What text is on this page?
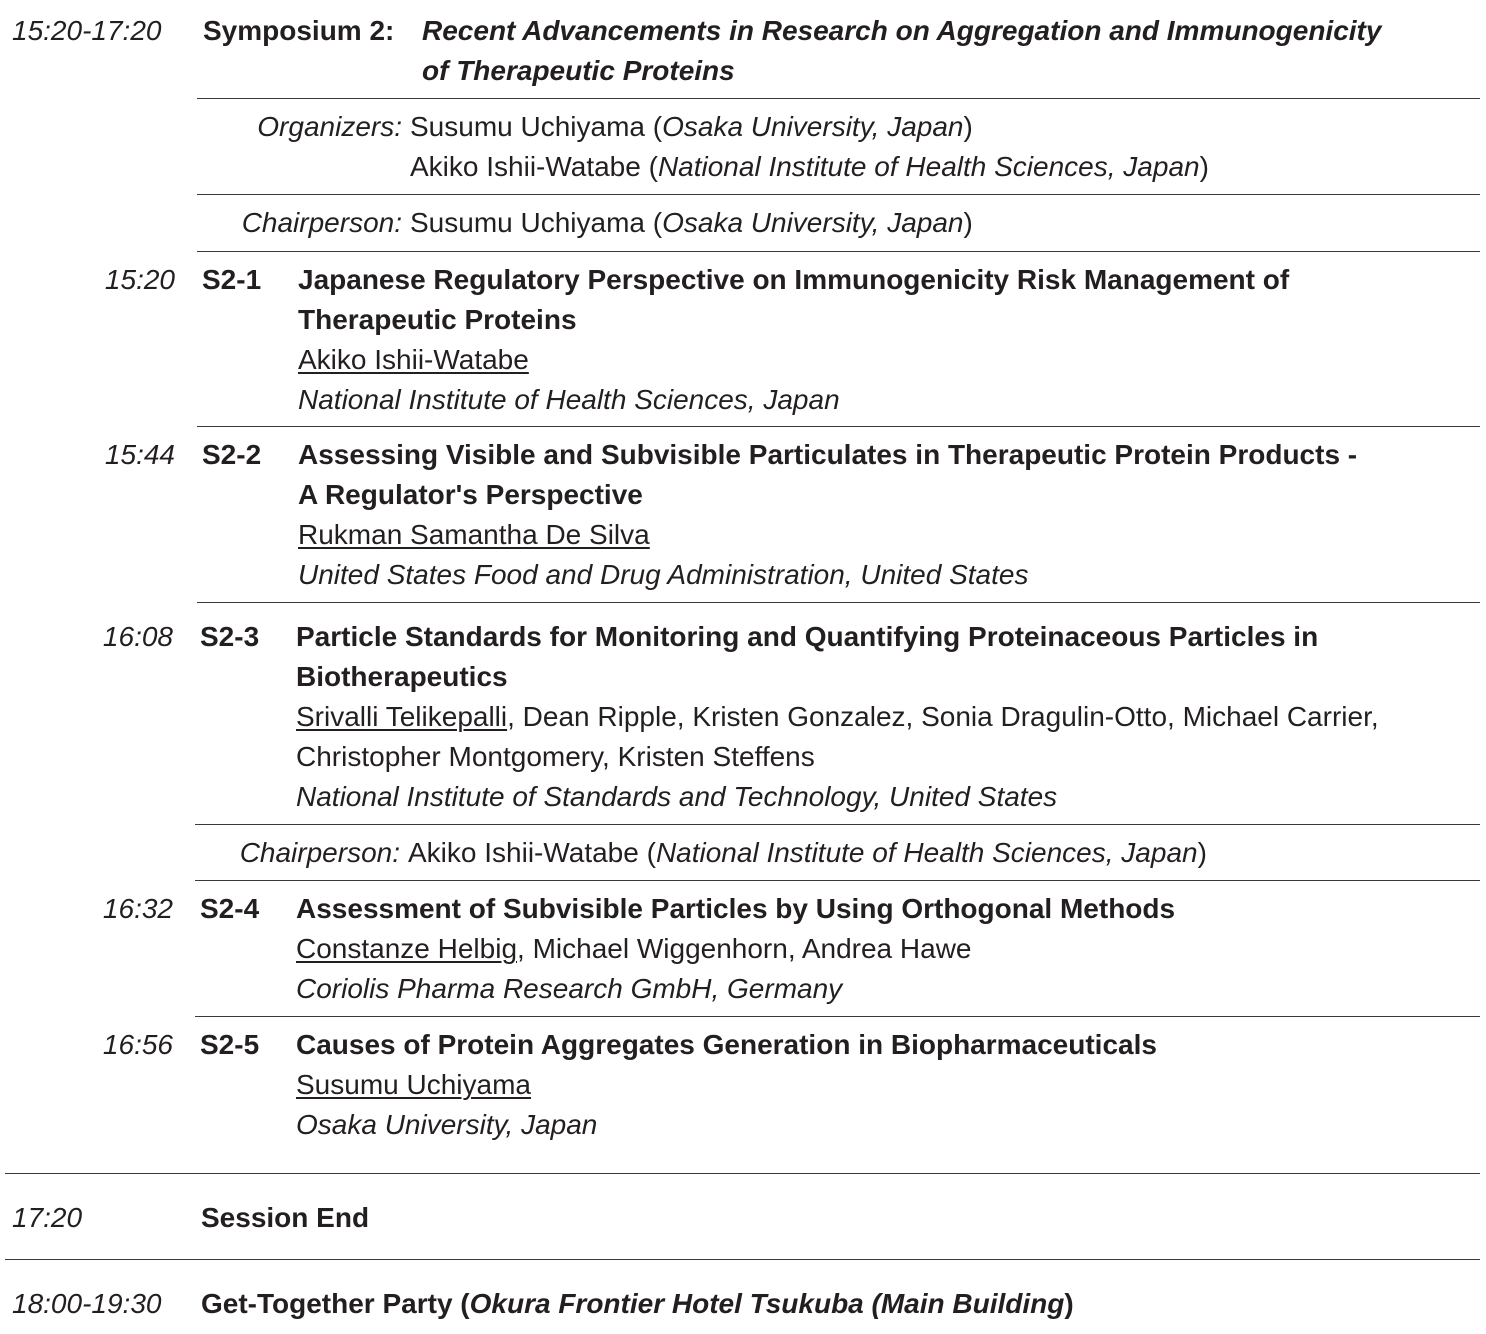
15:20-17:20 Symposium 2: Recent Advancements in Research on Aggregation and Immunogenicity
of Therapeutic Proteins
Organizers: Susumu Uchiyama (Osaka University, Japan)
Akiko Ishii-Watabe (National Institute of Health Sciences, Japan)
Chairperson: Susumu Uchiyama (Osaka University, Japan)
15:20 S2-1 Japanese Regulatory Perspective on Immunogenicity Risk Management of
Therapeutic Proteins
Akiko Ishii-Watabe
National Institute of Health Sciences, Japan
15:44 S2-2 Assessing Visible and Subvisible Particulates in Therapeutic Protein Products -
A Regulator's Perspective
Rukman Samantha De Silva
United States Food and Drug Administration, United States
16:08 S2-3 Particle Standards for Monitoring and Quantifying Proteinaceous Particles in
Biotherapeutics
Srivalli Telikepalli, Dean Ripple, Kristen Gonzalez, Sonia Dragulin-Otto, Michael Carrier,
Christopher Montgomery, Kristen Steffens
National Institute of Standards and Technology, United States
Chairperson: Akiko Ishii-Watabe (National Institute of Health Sciences, Japan)
16:32 S2-4 Assessment of Subvisible Particles by Using Orthogonal Methods
Constanze Helbig, Michael Wiggenhorn, Andrea Hawe
Coriolis Pharma Research GmbH, Germany
16:56 S2-5 Causes of Protein Aggregates Generation in Biopharmaceuticals
Susumu Uchiyama
Osaka University, Japan
17:20	Session End
18:00-19:30 Get-Together Party (Okura Frontier Hotel Tsukuba (Main Building)
